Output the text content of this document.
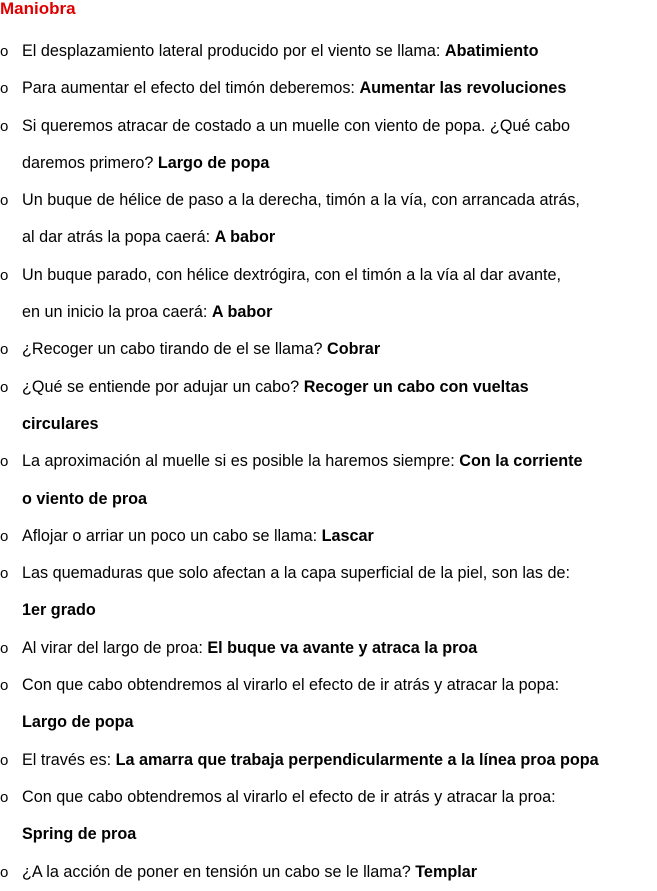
Maniobra
o El desplazamiento lateral producido por el viento se llama: Abatimiento
o Para aumentar el efecto del timón deberemos: Aumentar las revoluciones
o Si queremos atracar de costado a un muelle con viento de popa. ¿Qué cabo
daremos primero? Largo de popa
o Un buque de hélice de paso a la derecha, timón a la vía, con arrancada atrás,
al dar atrás la popa caerá: A babor
o Un buque parado, con hélice dextrógira, con el timón a la vía al dar avante,
en un inicio la proa caerá: A babor
o ¿Recoger un cabo tirando de el se llama? Cobrar
o ¿Qué se entiende por adujar un cabo? Recoger un cabo con vueltas
circulares
o La aproximación al muelle si es posible la haremos siempre: Con la corriente
o viento de proa
o Aflojar o arriar un poco un cabo se llama: Lascar
o Las quemaduras que solo afectan a la capa superficial de la piel, son las de:
1er grado
o Al virar del largo de proa: El buque va avante y atraca la proa
o Con que cabo obtendremos al virarlo el efecto de ir atrás y atracar la popa:
Largo de popa
o El través es: La amarra que trabaja perpendicularmente a la línea proa popa
o Con que cabo obtendremos al virarlo el efecto de ir atrás y atracar la proa:
Spring de proa
o ¿A la acción de poner en tensión un cabo se le llama? Templar
